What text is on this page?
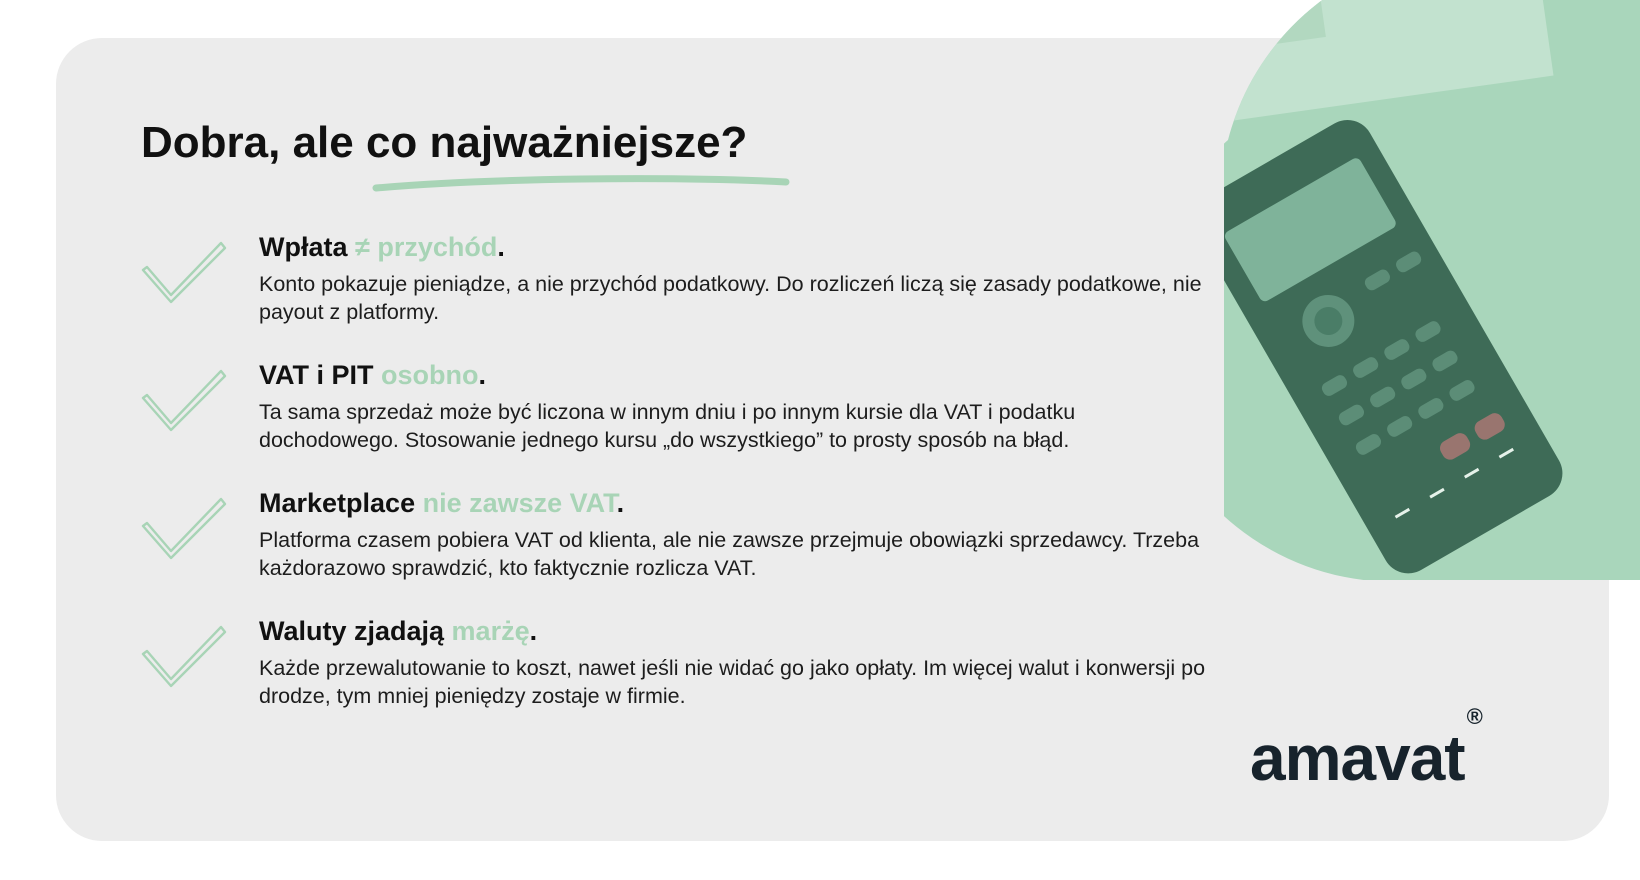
Dobra, ale co najważniejsze?
Wpłata ≠ przychód.

Konto pokazuje pieniądze, a nie przychód podatkowy. Do rozliczeń liczą się zasady podatkowe, nie payout z platformy.

VAT i PIT osobno.

Ta sama sprzedaż może być liczona w innym dniu i po innym kursie dla VAT i podatku dochodowego. Stosowanie jednego kursu „do wszystkiego” to prosty sposób na błąd.

Marketplace nie zawsze VAT.

Platforma czasem pobiera VAT od klienta, ale nie zawsze przejmuje obowiązki sprzedawcy. Trzeba każdorazowo sprawdzić, kto faktycznie rozlicza VAT.

Waluty zjadają marżę.

Każde przewalutowanie to koszt, nawet jeśli nie widać go jako opłaty. Im więcej walut i konwersji po drodze, tym mniej pieniędzy zostaje w firmie.

amavat®
